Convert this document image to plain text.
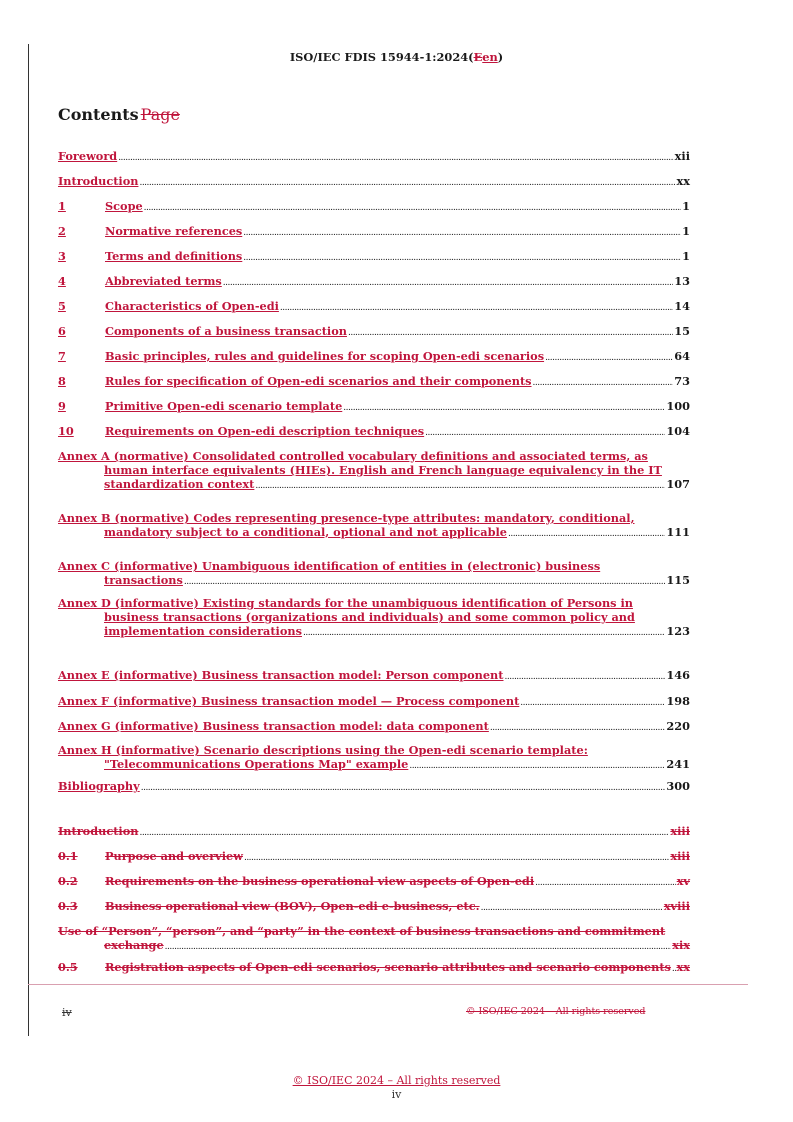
ISO/IEC FDIS 15944-1:2024(Een)
Contents Page
Foreword .....	xii
Introduction .....	xx
1	Scope .....	1
2	Normative references .....	1
3	Terms and definitions .....	1
4	Abbreviated terms .....	13
5	Characteristics of Open-edi .....	14
6	Components of a business transaction .....	15
7	Basic principles, rules and guidelines for scoping Open-edi scenarios .....	64
8	Rules for specification of Open-edi scenarios and their components .....	73
9	Primitive Open-edi scenario template .....	100
10	Requirements on Open-edi description techniques .....	104
Annex A (normative) Consolidated controlled vocabulary definitions and associated terms, as
human interface equivalents (HIEs). English and French language equivalency in the IT
standardization context .....	107
Annex B (normative) Codes representing presence-type attributes: mandatory, conditional,
mandatory subject to a conditional, optional and not applicable .....	111
Annex C (informative) Unambiguous identification of entities in (electronic) business
transactions .....	115
Annex D (informative) Existing standards for the unambiguous identification of Persons in
business transactions (organizations and individuals) and some common policy and
implementation considerations .....	123
Annex E (informative) Business transaction model: Person component .....	146
Annex F (informative) Business transaction model — Process component .....	198
Annex G (informative) Business transaction model: data component .....	220
Annex H (informative) Scenario descriptions using the Open-edi scenario template:
"Telecommunications Operations Map" example .....	241
Bibliography .....	300
Introduction .....	xiii
0.1	Purpose and overview .....	xiii
0.2	Requirements on the business operational view aspects of Open-edi .....	xv
0.3	Business operational view (BOV), Open-edi e-business, etc. .....	xviii
Use of “Person”, “person”, and “party” in the context of business transactions and commitment
exchange .....	xix
0.5	Registration aspects of Open-edi scenarios, scenario attributes and scenario components ..... xx
iv	© ISO/IEC 2024 – All rights reserved
© ISO/IEC 2024 – All rights reserved
iv
